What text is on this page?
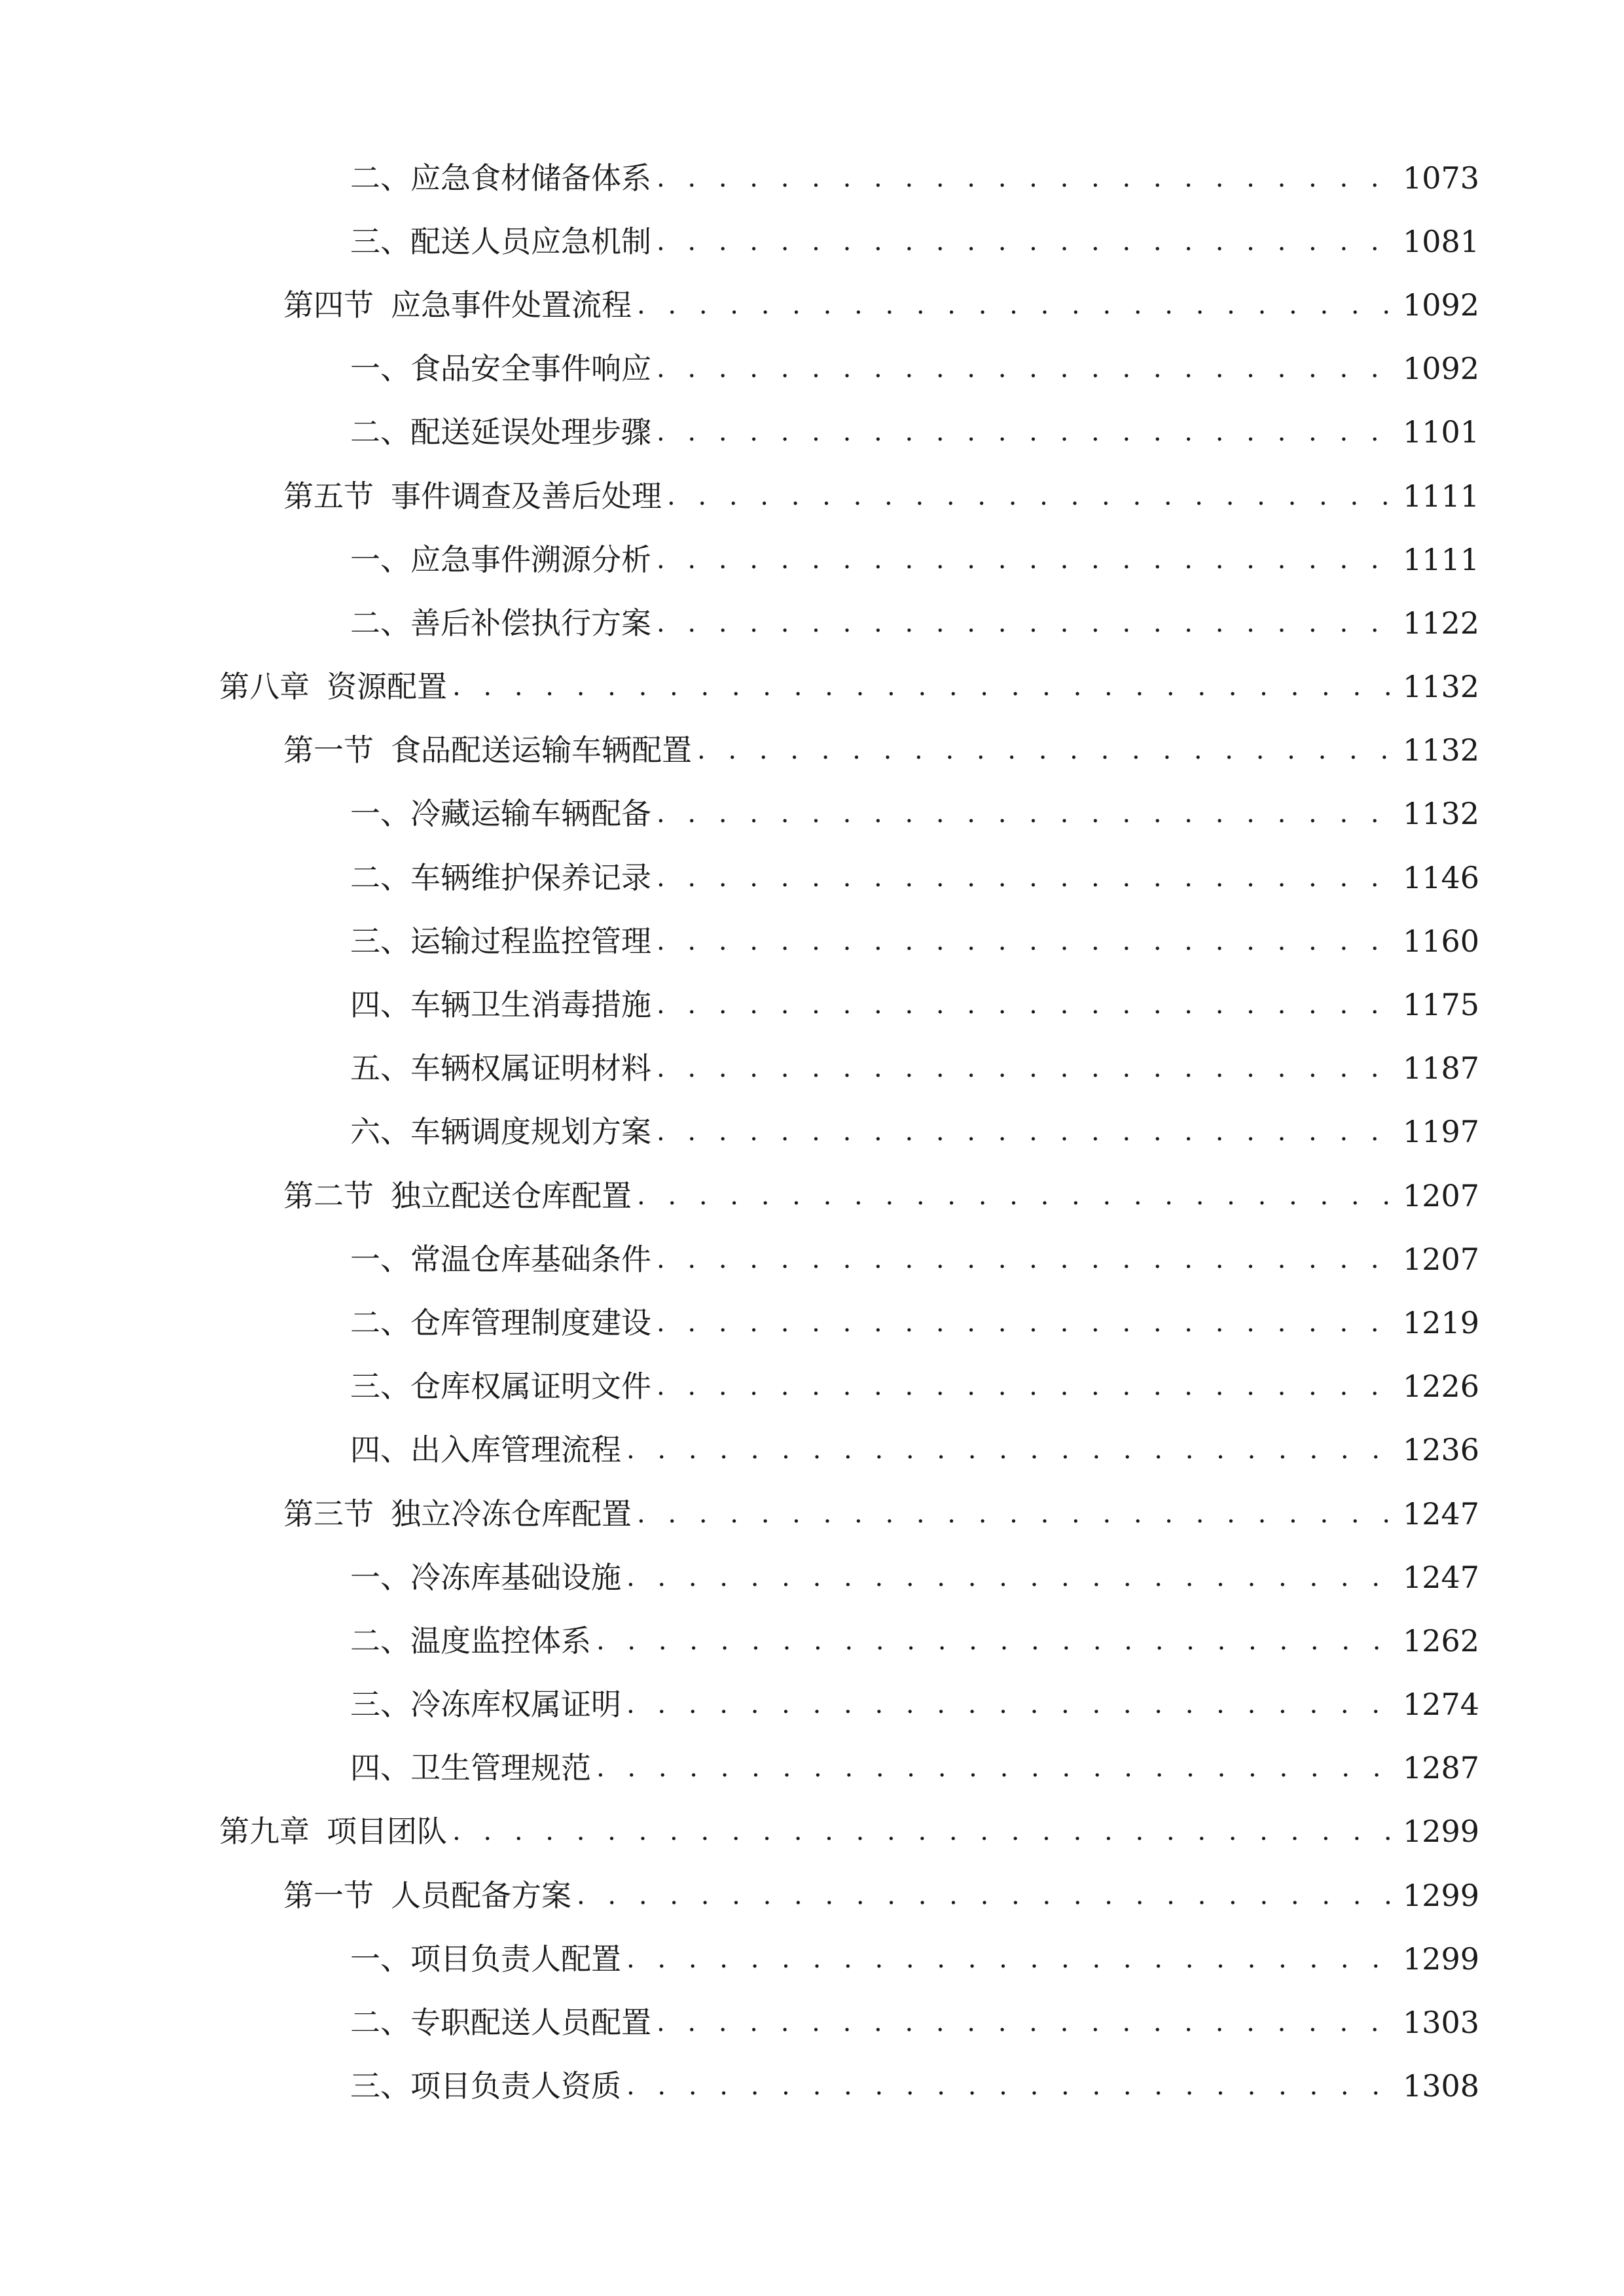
二、 应急食材储备体系 . . .	1073
三、 配送人员应急机制 . . .	1081
第四节 应急事件处置流程 . . .	1092
一、 食品安全事件响应 . . .	1092
二、 配送延误处理步骤 . . .	1101
第五节 事件调查及善后处理 . . .	1111
一、 应急事件溯源分析 . . .	1111
二、 善后补偿执行方案 . . .	1122
第八章 资源配置 . . .	1132
第一节 食品配送运输车辆配置 . . .	1132
一、 冷藏运输车辆配备 . . .	1132
二、 车辆维护保养记录 . . .	1146
三、 运输过程监控管理 . . .	1160
四、 车辆卫生消毒措施 . . .	1175
五、 车辆权属证明材料 . . .	1187
六、 车辆调度规划方案 . . .	1197
第二节 独立配送仓库配置 . . .	1207
一、 常温仓库基础条件 . . .	1207
二、 仓库管理制度建设 . . .	1219
三、 仓库权属证明文件 . . .	1226
四、 出入库管理流程 . . .	1236
第三节 独立冷冻仓库配置 . . .	1247
一、 冷冻库基础设施 . . .	1247
二、 温度监控体系 . . .	1262
三、 冷冻库权属证明 . . .	1274
四、 卫生管理规范 . . .	1287
第九章 项目团队 . . .	1299
第一节 人员配备方案 . . .	1299
一、 项目负责人配置 . . .	1299
二、 专职配送人员配置 . . .	1303
三、 项目负责人资质 . . .	1308
